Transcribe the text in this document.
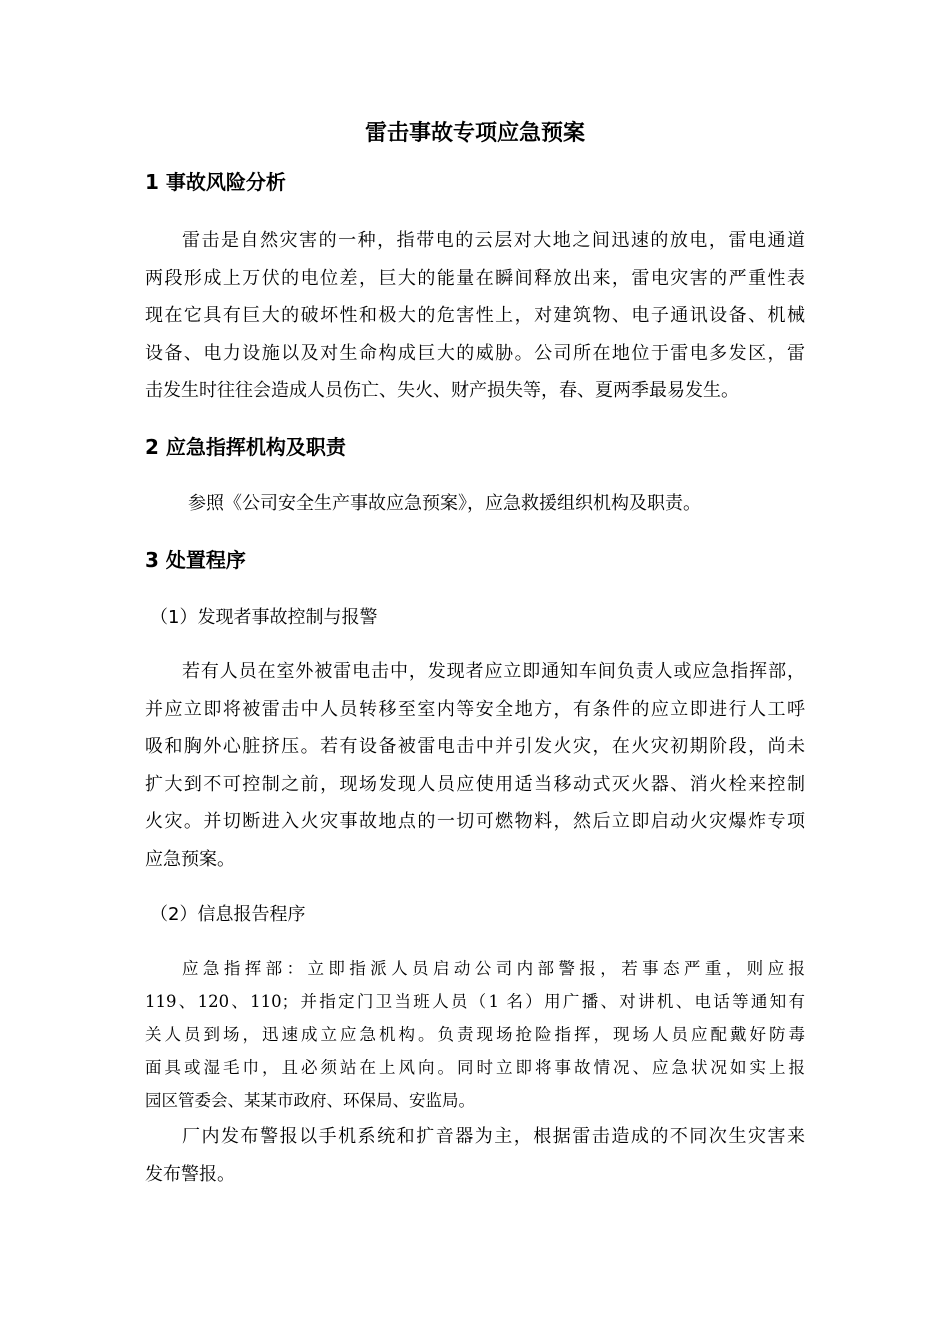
雷击事故专项应急预案
1 事故风险分析
雷击是自然灾害的一种，指带电的云层对大地之间迅速的放电，雷电通道
两段形成上万伏的电位差，巨大的能量在瞬间释放出来，雷电灾害的严重性表
现在它具有巨大的破坏性和极大的危害性上，对建筑物、电子通讯设备、机械
设备、电力设施以及对生命构成巨大的威胁。公司所在地位于雷电多发区，雷
击发生时往往会造成人员伤亡、失火、财产损失等，春、夏两季最易发生。
2 应急指挥机构及职责

参照《公司安全生产事故应急预案》，应急救援组织机构及职责。

3 处置程序

（1）发现者事故控制与报警

若有人员在室外被雷电击中，发现者应立即通知车间负责人或应急指挥部，
并应立即将被雷击中人员转移至室内等安全地方，有条件的应立即进行人工呼
吸和胸外心脏挤压。若有设备被雷电击中并引发火灾，在火灾初期阶段，尚未
扩大到不可控制之前，现场发现人员应使用适当移动式灭火器、消火栓来控制
火灾。并切断进入火灾事故地点的一切可燃物料，然后立即启动火灾爆炸专项
应急预案。

（2）信息报告程序

应急指挥部：立即指派人员启动公司内部警报，若事态严重，则应报
119、120、110；并指定门卫当班人员（1 名）用广播、对讲机、电话等通知有
关人员到场，迅速成立应急机构。负责现场抢险指挥，现场人员应配戴好防毒
面具或湿毛巾，且必须站在上风向。同时立即将事故情况、应急状况如实上报
园区管委会、某某市政府、环保局、安监局。
厂内发布警报以手机系统和扩音器为主，根据雷击造成的不同次生灾害来
发布警报。
